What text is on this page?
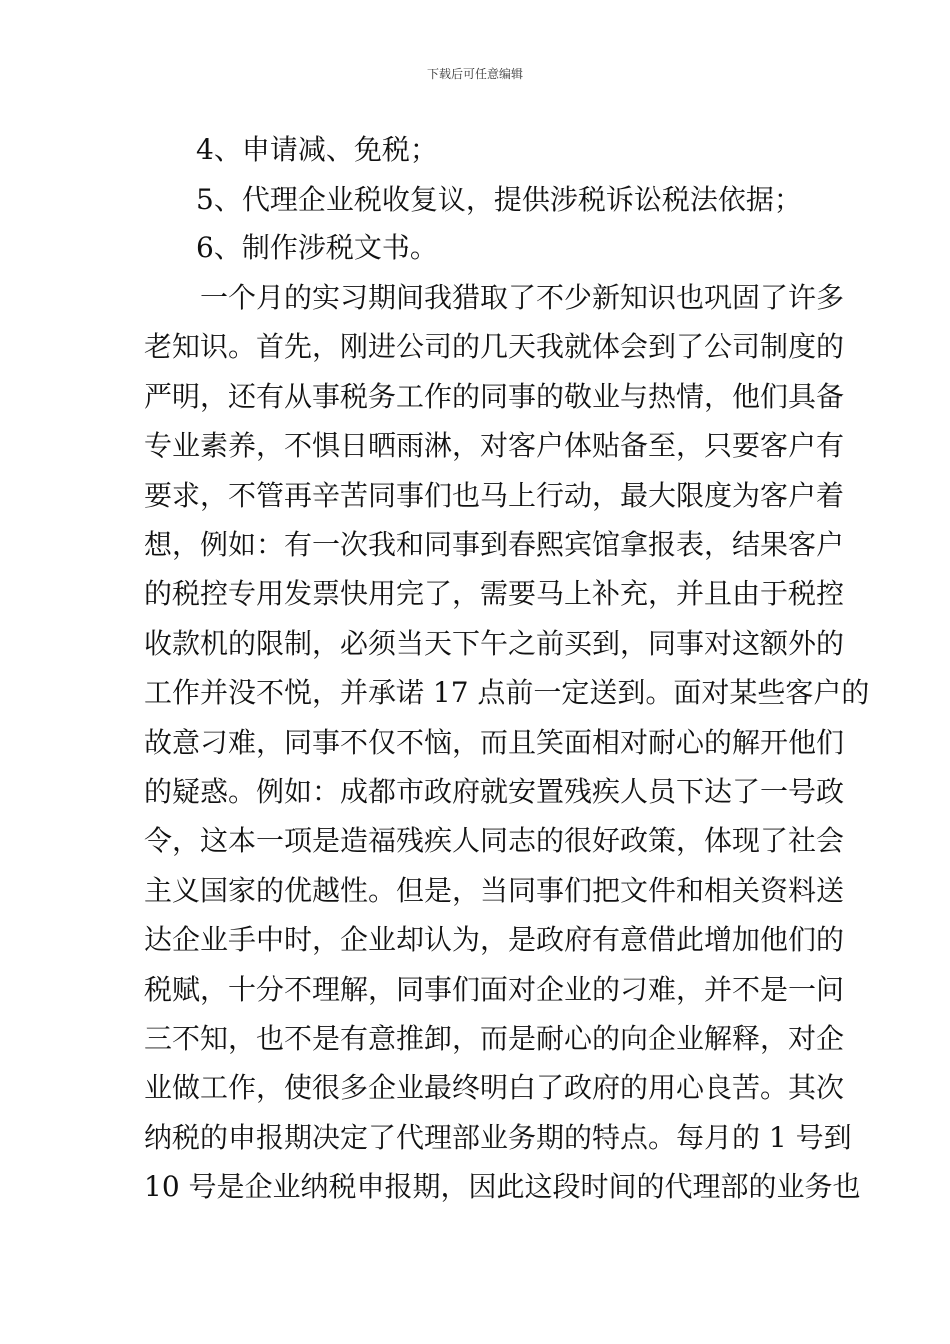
下载后可任意编辑
4、申请减、免税；
5、代理企业税收复议，提供涉税诉讼税法依据；
6、制作涉税文书。
一个月的实习期间我猎取了不少新知识也巩固了许多
老知识。首先，刚进公司的几天我就体会到了公司制度的
严明，还有从事税务工作的同事的敬业与热情，他们具备
专业素养，不惧日晒雨淋，对客户体贴备至，只要客户有
要求，不管再辛苦同事们也马上行动，最大限度为客户着
想，例如：有一次我和同事到春熙宾馆拿报表，结果客户
的税控专用发票快用完了，需要马上补充，并且由于税控
收款机的限制，必须当天下午之前买到，同事对这额外的
工作并没不悦，并承诺 17 点前一定送到。面对某些客户的
故意刁难，同事不仅不恼，而且笑面相对耐心的解开他们
的疑惑。例如：成都市政府就安置残疾人员下达了一号政
令，这本一项是造福残疾人同志的很好政策，体现了社会
主义国家的优越性。但是，当同事们把文件和相关资料送
达企业手中时，企业却认为，是政府有意借此增加他们的
税赋，十分不理解，同事们面对企业的刁难，并不是一问
三不知，也不是有意推卸，而是耐心的向企业解释，对企
业做工作，使很多企业最终明白了政府的用心良苦。其次
纳税的申报期决定了代理部业务期的特点。每月的 1 号到
10 号是企业纳税申报期，因此这段时间的代理部的业务也
